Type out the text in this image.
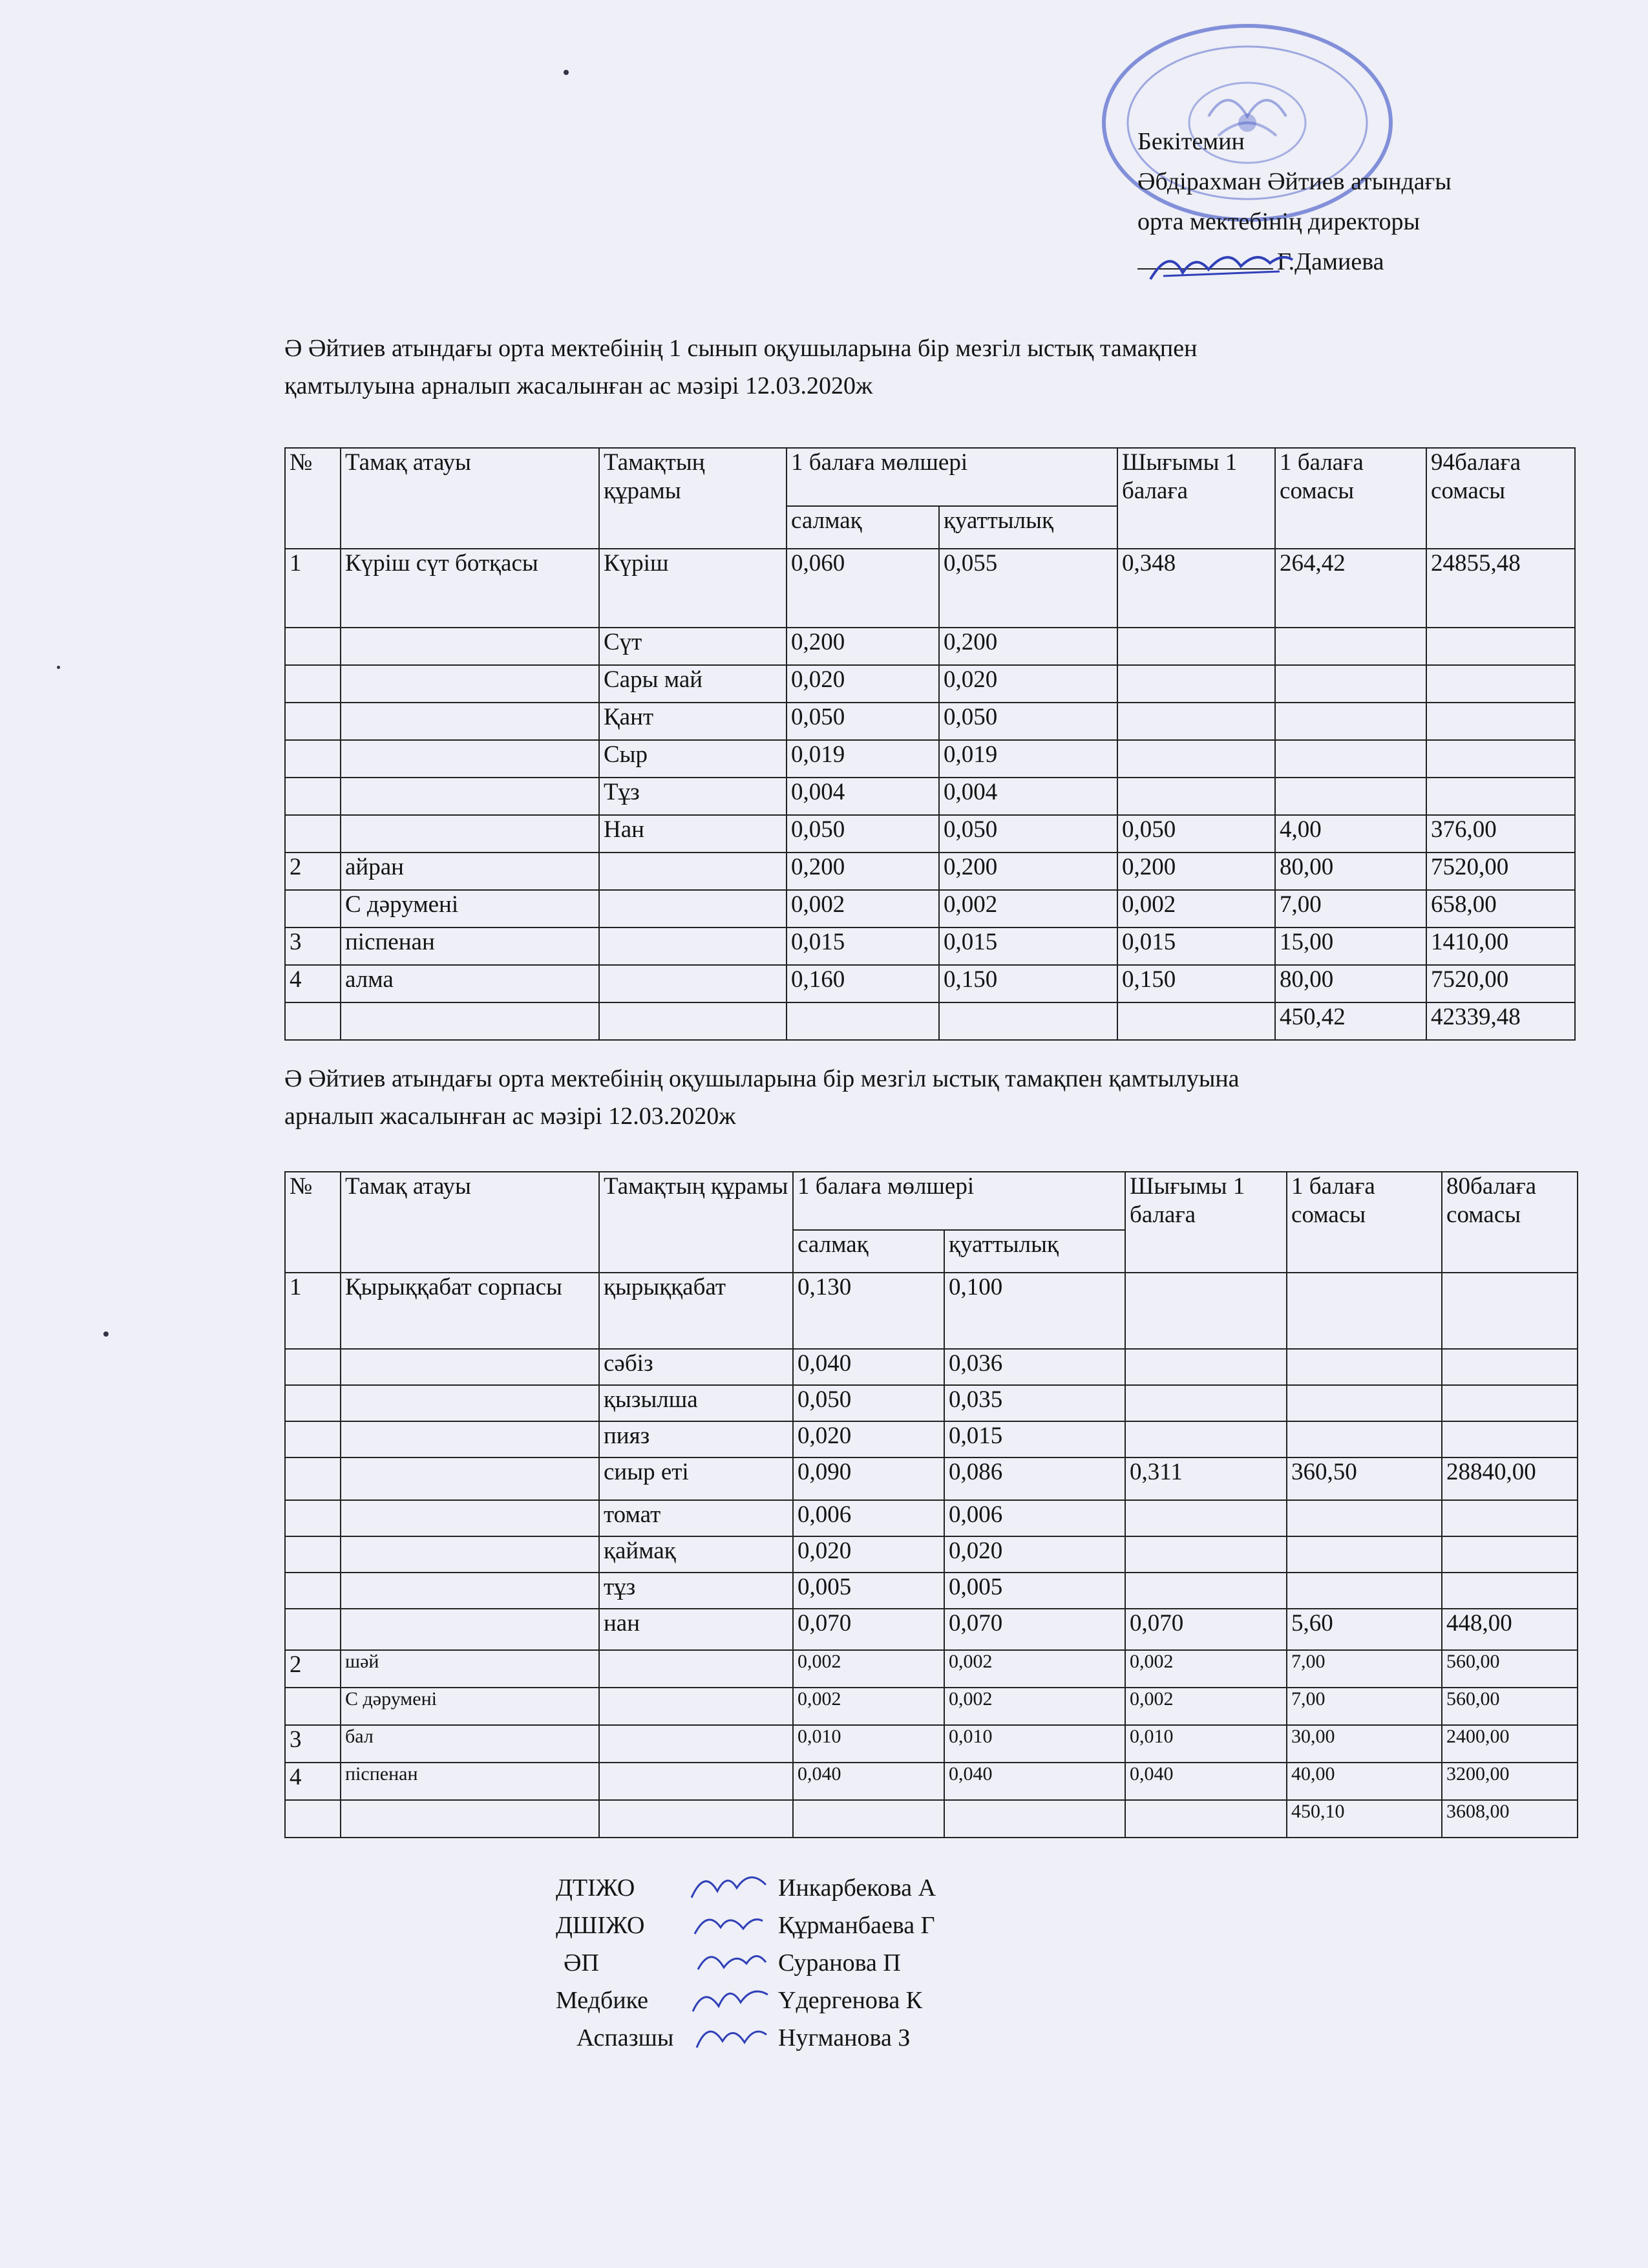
Бекітемин
Әбдірахман Әйтиев атындағы
орта мектебінің директоры
Г.Дамиева
Ә Әйтиев атындағы орта мектебінің 1 сынып оқушыларына бір мезгіл ыстық тамақпен
қамтылуына арналып жасалынған ас мәзірі 12.03.2020ж
№	Тамақ атауы	Тамақтың құрамы	1 балаға мөлшері		Шығымы 1 балаға	1 балаға сомасы	94балаға сомасы
			салмақ	қуаттылық			
1	Күріш сүт ботқасы	Күріш	0,060	0,055	0,348	264,42	24855,48
		Сүт	0,200	0,200			
		Сары май	0,020	0,020			
		Қант	0,050	0,050			
		Сыр	0,019	0,019			
		Тұз	0,004	0,004			
		Нан	0,050	0,050	0,050	4,00	376,00
2	айран		0,200	0,200	0,200	80,00	7520,00
	С дәрумені		0,002	0,002	0,002	7,00	658,00
3	піспенан		0,015	0,015	0,015	15,00	1410,00
4	алма		0,160	0,150	0,150	80,00	7520,00
						450,42	42339,48
Ә Әйтиев атындағы орта мектебінің оқушыларына бір мезгіл ыстық тамақпен қамтылуына
арналып жасалынған ас мәзірі 12.03.2020ж
№	Тамақ атауы	Тамақтың құрамы	1 балаға мөлшері		Шығымы 1 балаға	1 балаға сомасы	80балаға сомасы
			салмақ	қуаттылық			
1	Қырыққабат сорпасы	қырыққабат	0,130	0,100			
		сәбіз	0,040	0,036			
		қызылша	0,050	0,035			
		пияз	0,020	0,015			
		сиыр еті	0,090	0,086	0,311	360,50	28840,00
		томат	0,006	0,006			
		қаймақ	0,020	0,020			
		тұз	0,005	0,005			
		нан	0,070	0,070	0,070	5,60	448,00
2	шәй		0,002	0,002	0,002	7,00	560,00
	С дәрумені		0,002	0,002	0,002	7,00	560,00
3	бал		0,010	0,010	0,010	30,00	2400,00
4	піспенан		0,040	0,040	0,040	40,00	3200,00
						450,10	3608,00
ДТІЖО	Инкарбекова А
ДШІЖО	Құрманбаева Г
ӘП	Суранова П
Медбике	Үдергенова К
Аспазшы	Нугманова З
